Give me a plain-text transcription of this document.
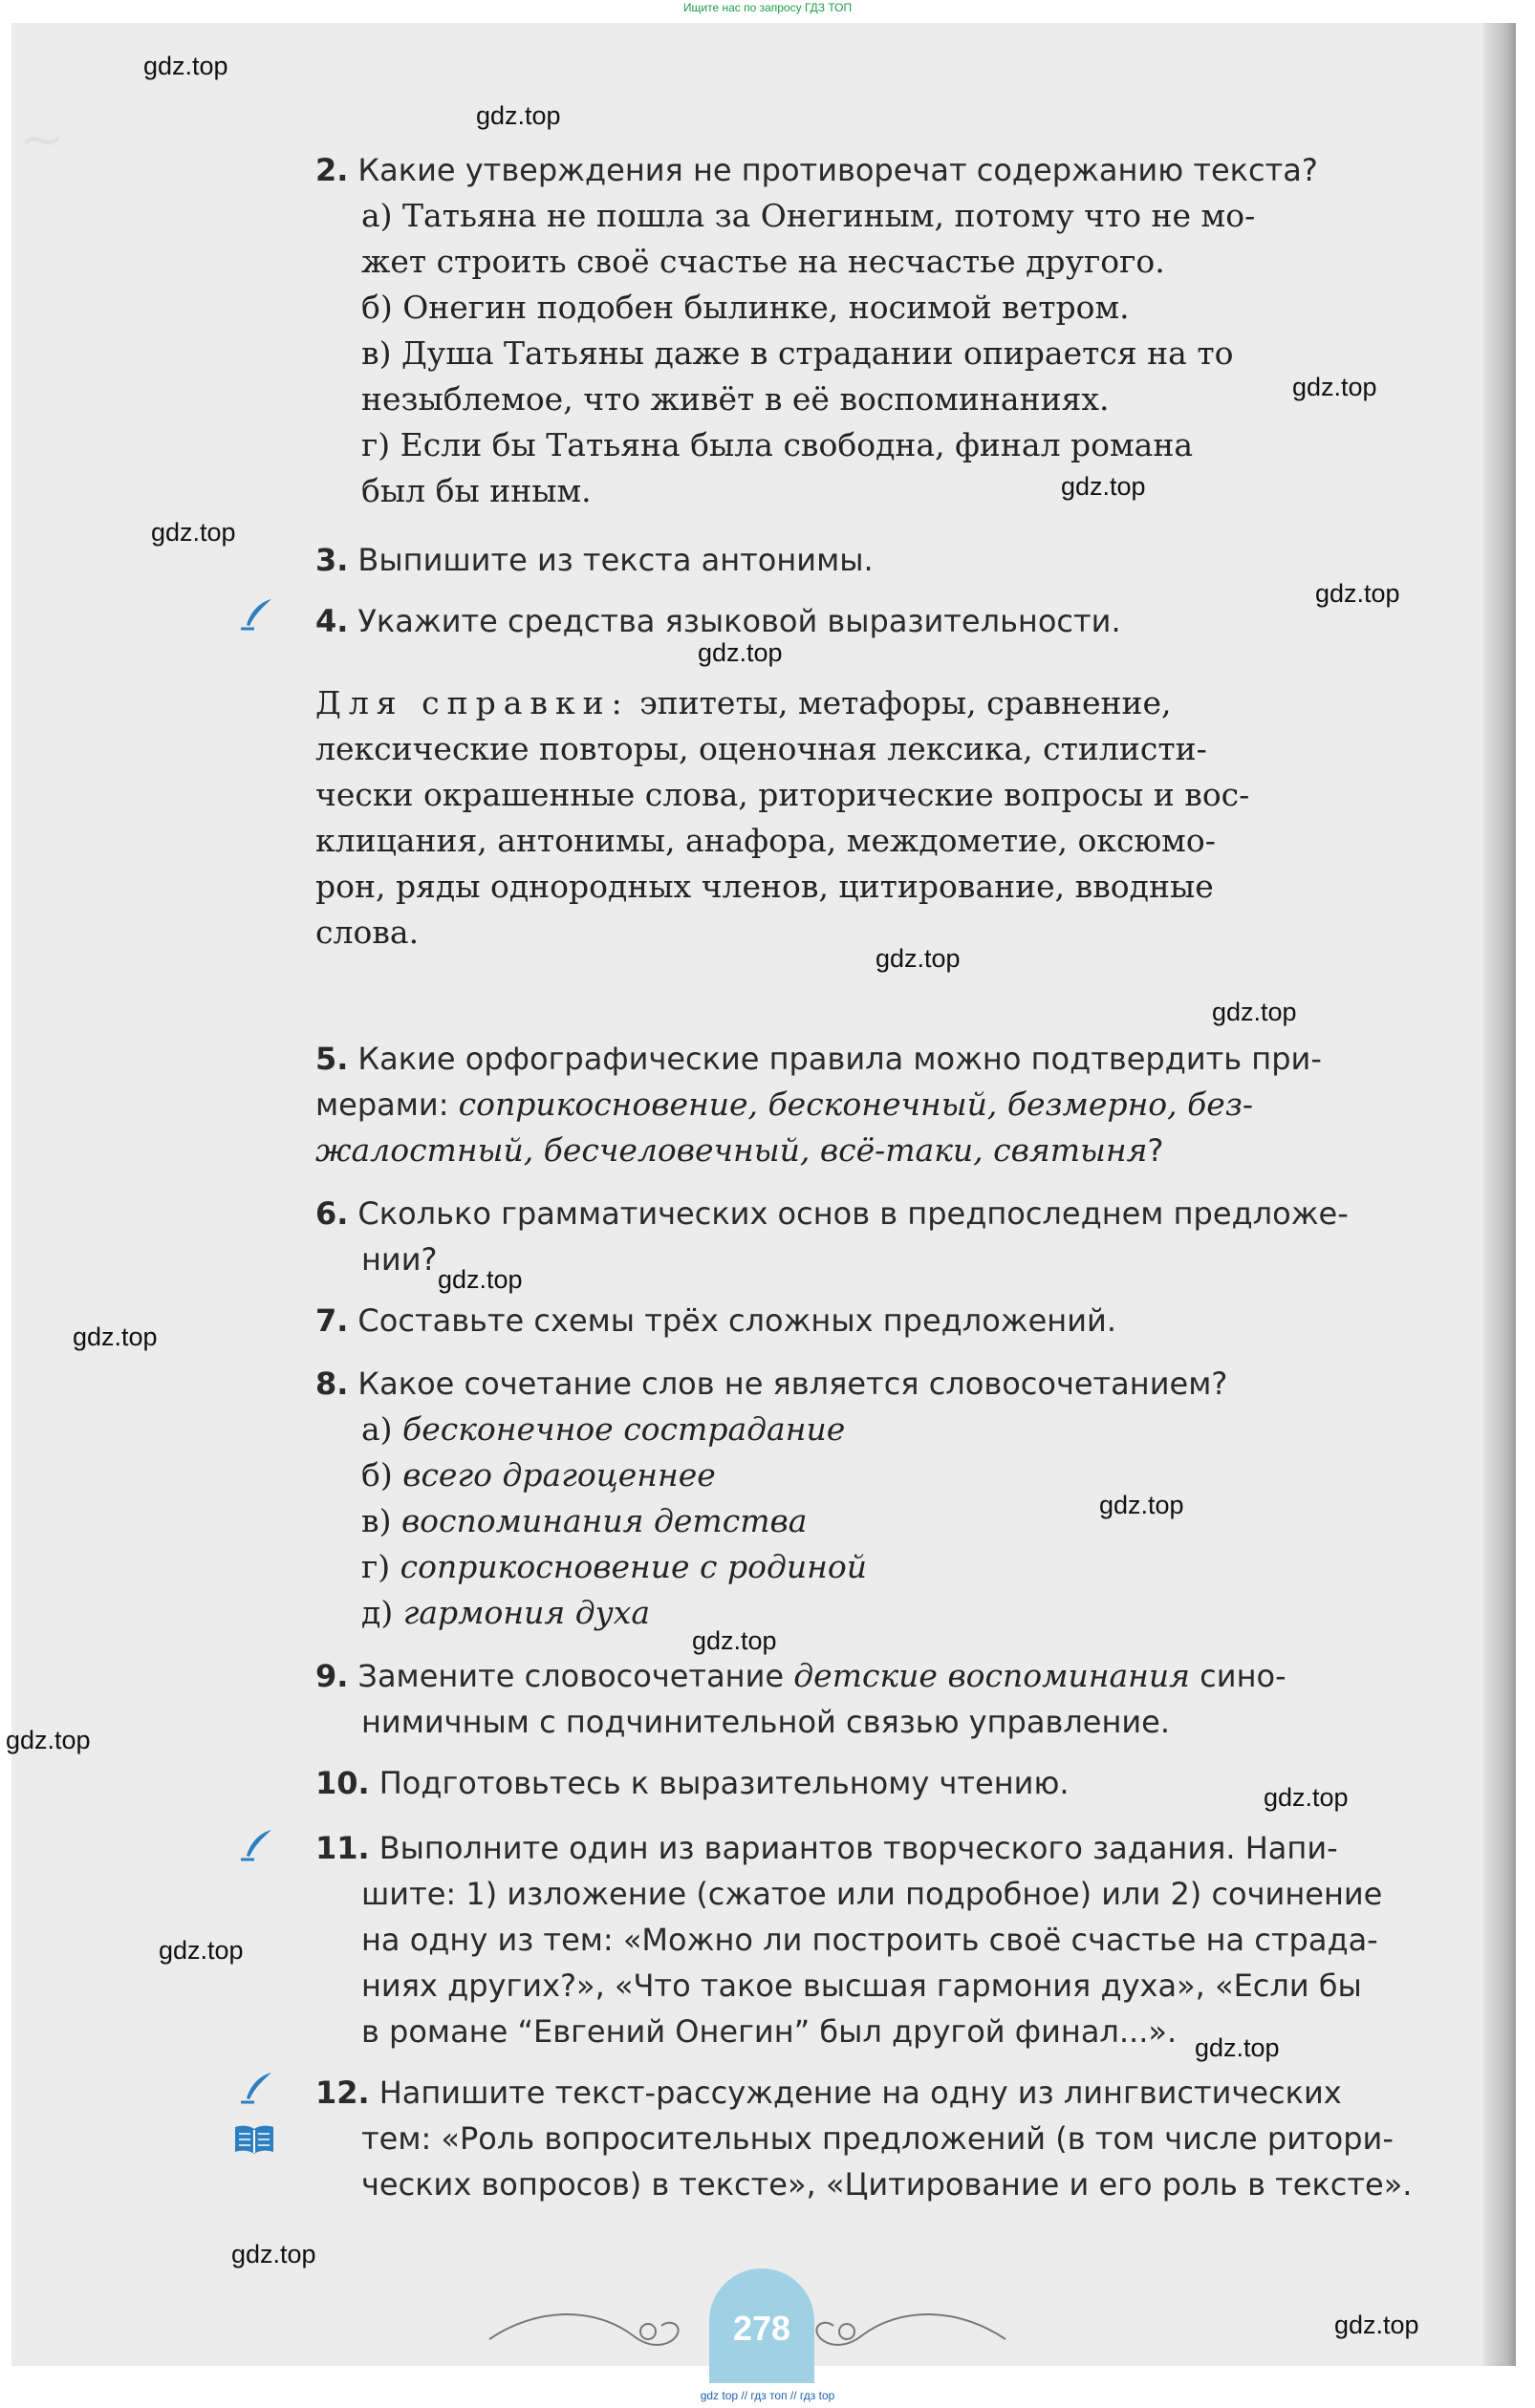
Ищите нас по запросу ГДЗ ТОП

~	2. Какие утверждения не противоречат содержанию текста?
а) Татьяна не пошла за Онегиным, потому что не мо-
жет строить своё счастье на несчастье другого.
б) Онегин подобен былинке, носимой ветром.
в) Душа Татьяны даже в страдании опирается на то
незыблемое, что живёт в её воспоминаниях.
г) Если бы Татьяна была свободна, финал романа
был бы иным.
3. Выпишите из текста антонимы.
4. Укажите средства языковой выразительности.
Для справки: эпитеты, метафоры, сравнение,
лексические повторы, оценочная лексика, стилисти-
чески окрашенные слова, риторические вопросы и вос-
клицания, антонимы, анафора, междометие, оксюмо-
рон, ряды однородных членов, цитирование, вводные
слова.
5. Какие орфографические правила можно подтвердить при-
мерами: соприкосновение, бесконечный, безмерно, без-
жалостный, бесчеловечный, всё-таки, святыня?
6. Сколько грамматических основ в предпоследнем предложе-
нии?
7. Составьте схемы трёх сложных предложений.
8. Какое сочетание слов не является словосочетанием?
а) бесконечное сострадание
б) всего драгоценнее
в) воспоминания детства
г) соприкосновение с родиной
д) гармония духа
9. Замените словосочетание детские воспоминания сино-
нимичным с подчинительной связью управление.
10. Подготовьтесь к выразительному чтению.
11. Выполните один из вариантов творческого задания. Напи-
шите: 1) изложение (сжатое или подробное) или 2) сочинение
на одну из тем: «Можно ли построить своё счастье на страда-
ниях других?», «Что такое высшая гармония духа», «Если бы
в романе “Евгений Онегин” был другой финал...».
12. Напишите текст-рассуждение на одну из лингвистических
тем: «Роль вопросительных предложений (в том числе ритори-
ческих вопросов) в тексте», «Цитирование и его роль в тексте».
278
gdz.top
gdz.top
gdz.top
gdz.top
gdz.top
gdz.top
gdz.top
gdz.top
gdz.top
gdz.top
gdz.top
gdz.top
gdz.top
gdz.top
gdz.top
gdz.top
gdz.top
gdz.top
gdz.top
gdz top // гдз топ // гдз top
